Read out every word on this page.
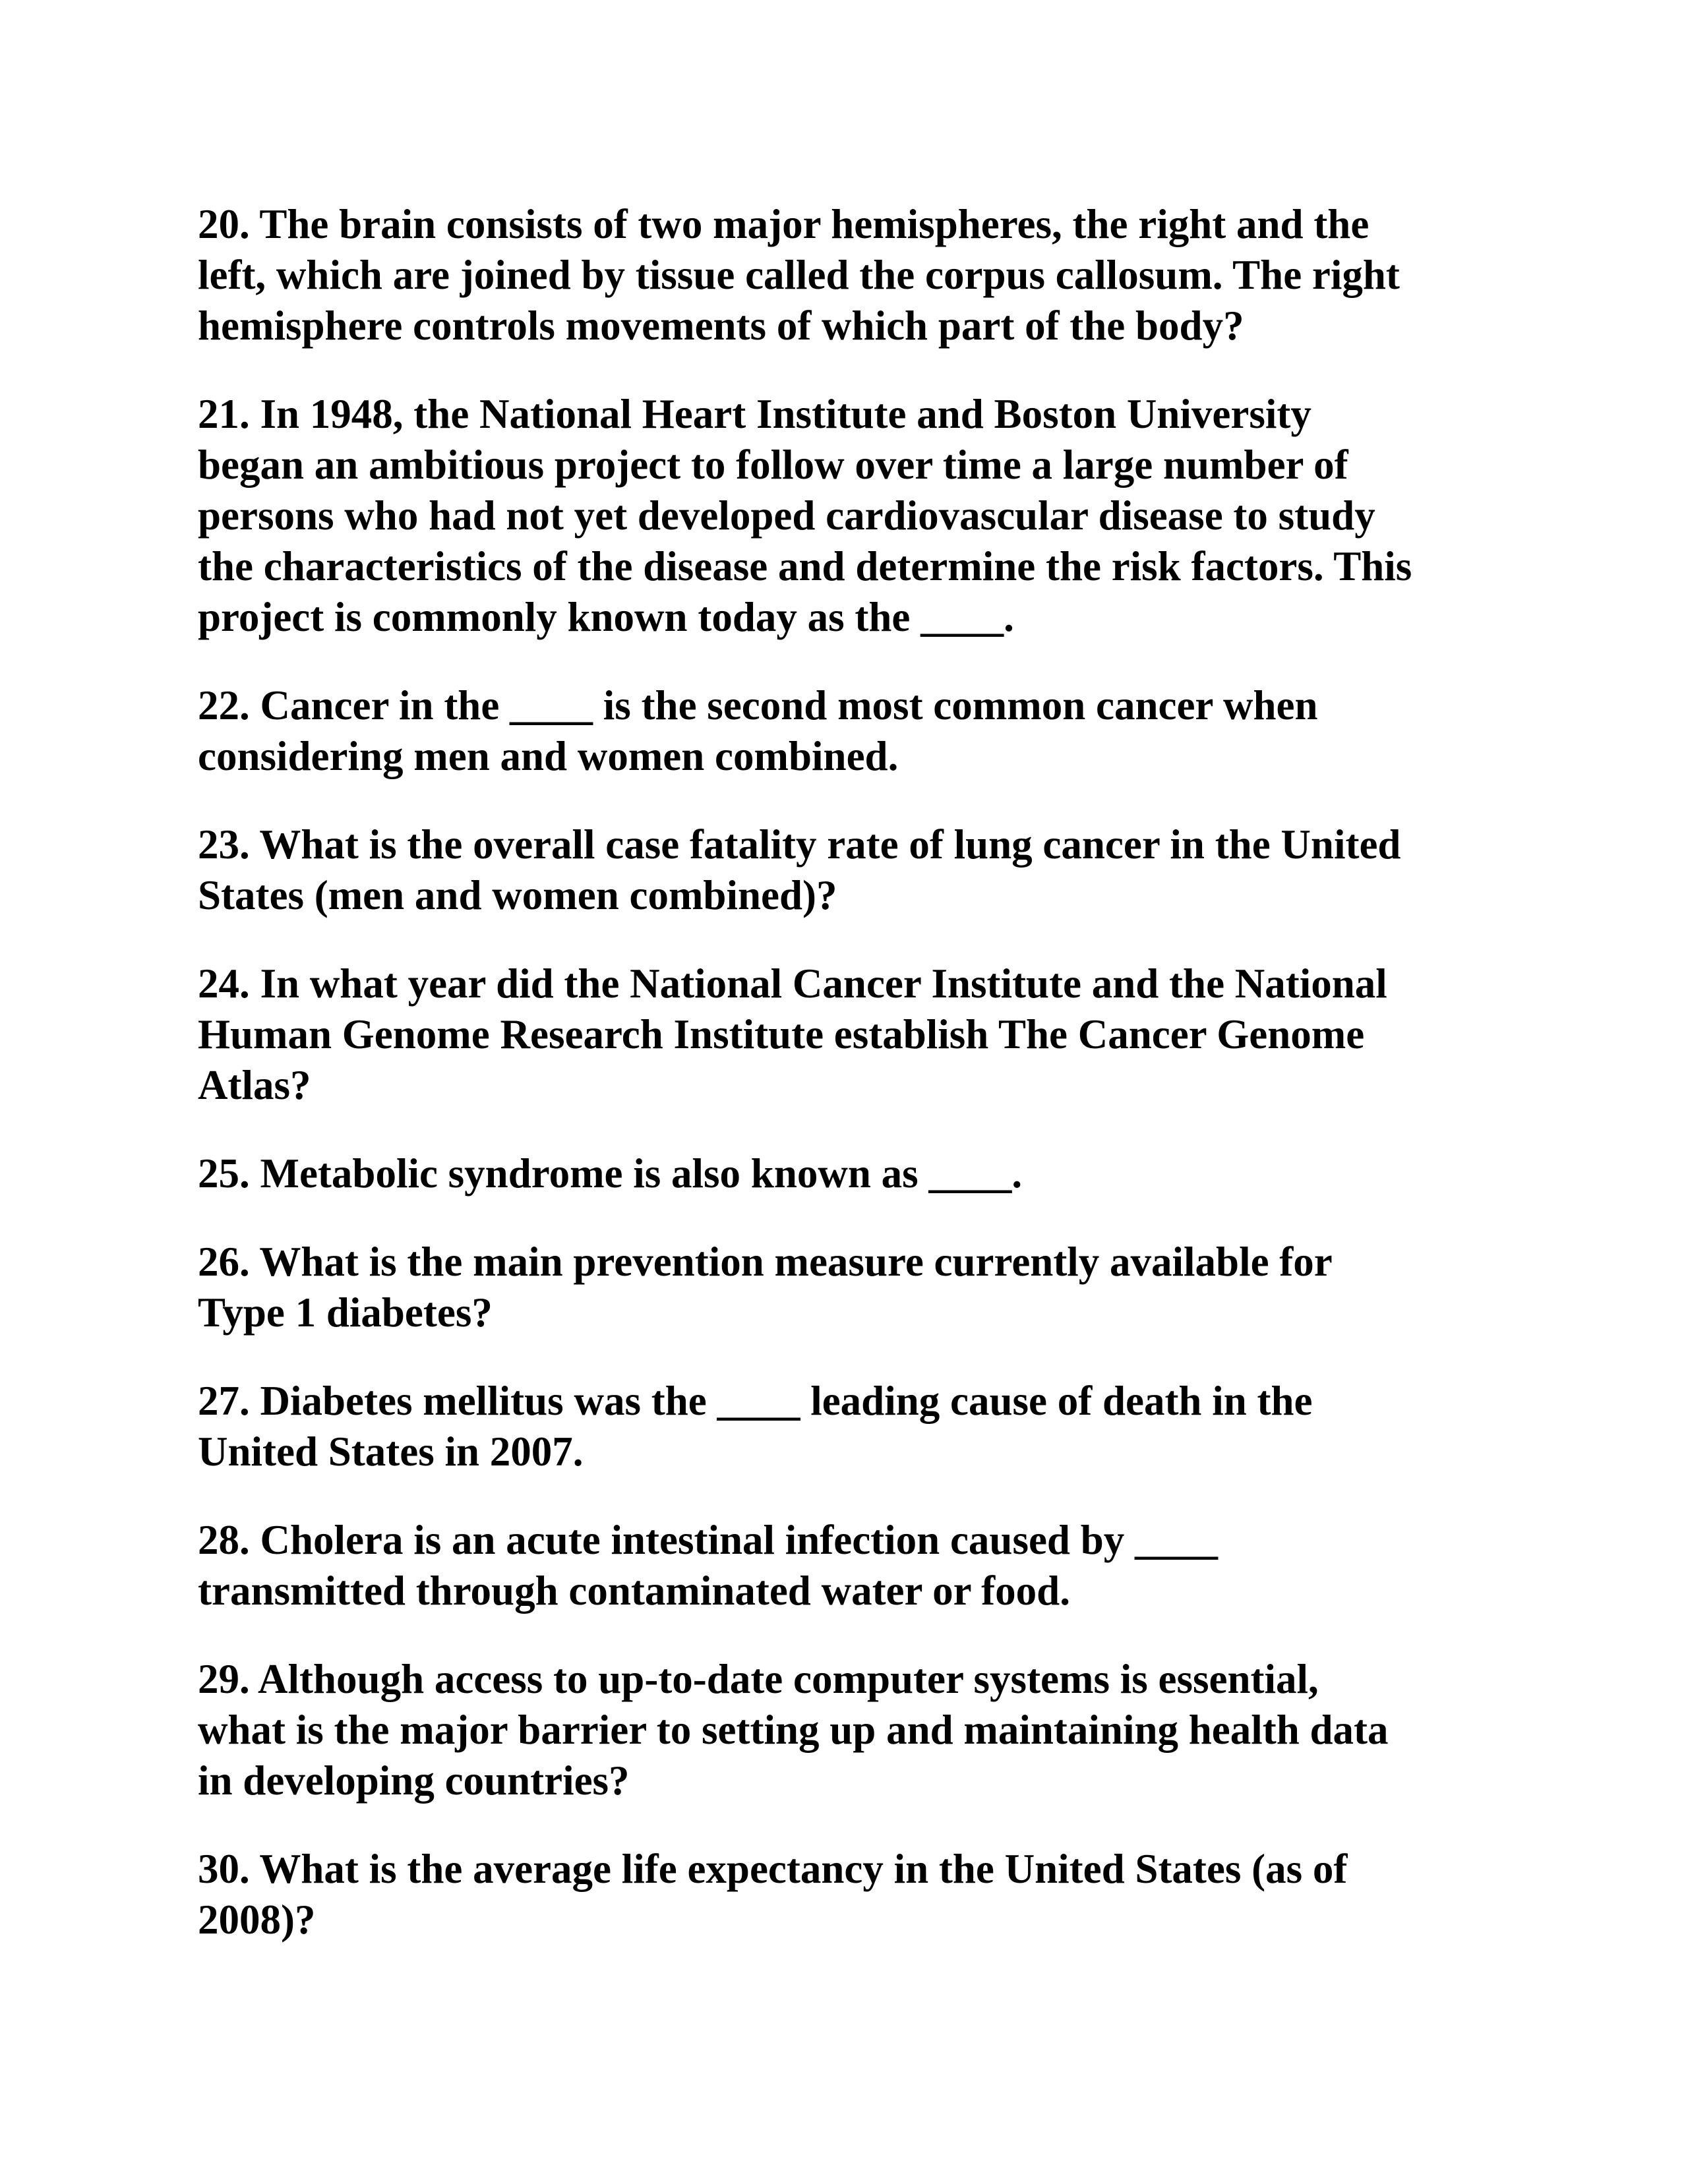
20. The brain consists of two major hemispheres, the right and the
left, which are joined by tissue called the corpus callosum. The right
hemisphere controls movements of which part of the body?
21. In 1948, the National Heart Institute and Boston University
began an ambitious project to follow over time a large number of
persons who had not yet developed cardiovascular disease to study
the characteristics of the disease and determine the risk factors. This
project is commonly known today as the ____.
22. Cancer in the ____ is the second most common cancer when
considering men and women combined.
23. What is the overall case fatality rate of lung cancer in the United
States (men and women combined)?
24. In what year did the National Cancer Institute and the National
Human Genome Research Institute establish The Cancer Genome
Atlas?
25. Metabolic syndrome is also known as ____.
26. What is the main prevention measure currently available for
Type 1 diabetes?
27. Diabetes mellitus was the ____ leading cause of death in the
United States in 2007.
28. Cholera is an acute intestinal infection caused by ____
transmitted through contaminated water or food.
29. Although access to up-to-date computer systems is essential,
what is the major barrier to setting up and maintaining health data
in developing countries?
30. What is the average life expectancy in the United States (as of
2008)?
